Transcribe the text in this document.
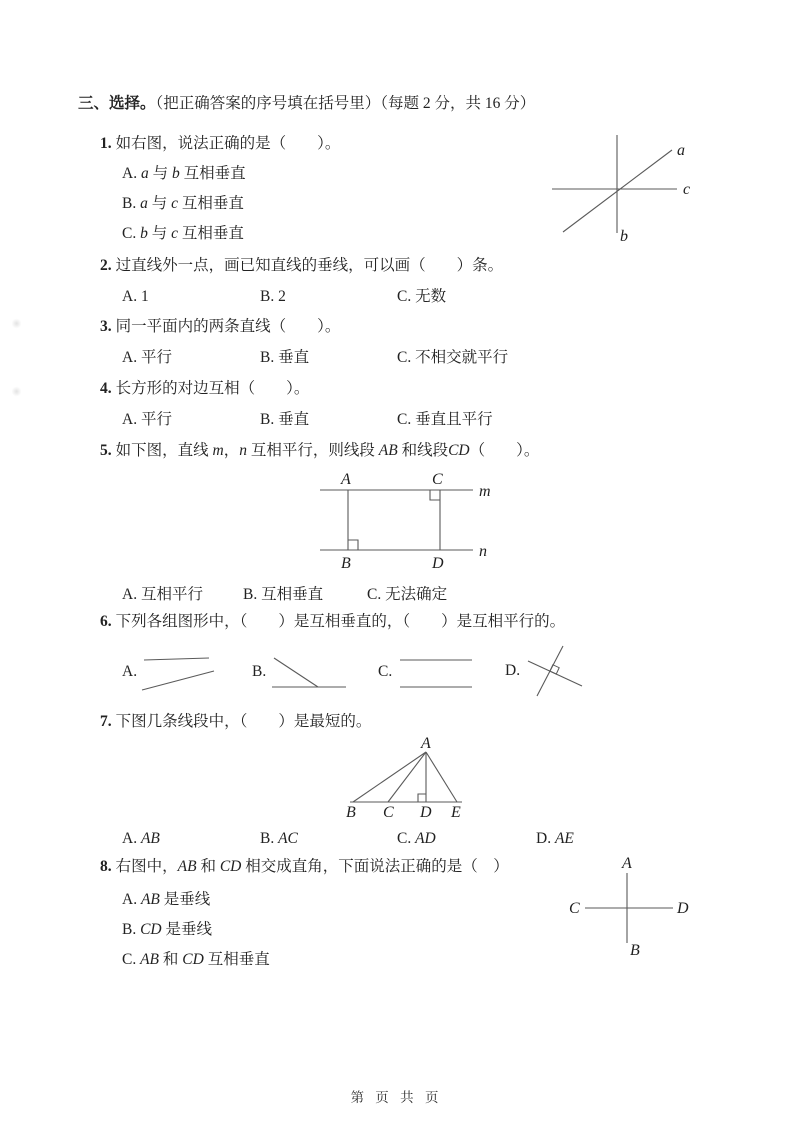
三、选择。（把正确答案的序号填在括号里）（每题 2 分，共 16 分）
1. 如右图，说法正确的是（　　）。
A. a 与 b 互相垂直
B. a 与 c 互相垂直
C. b 与 c 互相垂直
a
c
b
2. 过直线外一点，画已知直线的垂线，可以画（　　）条。
A. 1	B. 2	C. 无数
3. 同一平面内的两条直线（　　）。
A. 平行	B. 垂直	C. 不相交就平行
4. 长方形的对边互相（　　）。
A. 平行	B. 垂直	C. 垂直且平行
5. 如下图，直线 m，n 互相平行，则线段 AB 和线段CD（　　）。
A	C
m
B	D
n
A. 互相平行	B. 互相垂直	C. 无法确定
6. 下列各组图形中，（　　）是互相垂直的，（　　）是互相平行的。
A.	B.	C.	D.
7. 下图几条线段中，（　　）是最短的。
A
B C D E
A. AB	B. AC	C. AD	D. AE
8. 右图中，AB 和 CD 相交成直角，下面说法正确的是（　）
A. AB 是垂线
B. CD 是垂线
C. AB 和 CD 互相垂直
A
B
C	D
第 页 共 页
